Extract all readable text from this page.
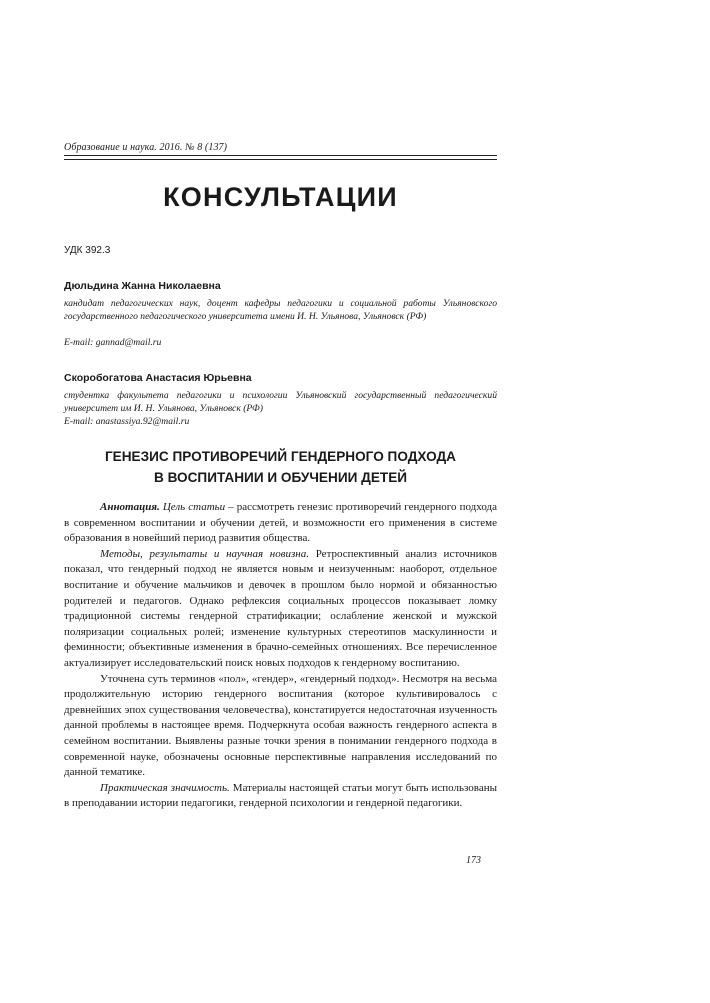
Образование и наука. 2016. № 8 (137)
КОНСУЛЬТАЦИИ
УДК 392.3
Дюльдина Жанна Николаевна
кандидат педагогических наук, доцент кафедры педагогики и социальной работы Ульяновского государственного педагогического университета имени И. Н. Ульянова, Ульяновск (РФ)
E-mail: gannad@mail.ru
Скоробогатова Анастасия Юрьевна
студентка факультета педагогики и психологии Ульяновский государственный педагогический университет им И. Н. Ульянова, Ульяновск (РФ)
E-mail: anastassiya.92@mail.ru
ГЕНЕЗИС ПРОТИВОРЕЧИЙ ГЕНДЕРНОГО ПОДХОДА
В ВОСПИТАНИИ И ОБУЧЕНИИ ДЕТЕЙ

Аннотация. Цель статьи – рассмотреть генезис противоречий гендерного подхода в современном воспитании и обучении детей, и возможности его применения в системе образования в новейший период развития общества.

Методы, результаты и научная новизна. Ретроспективный анализ источников показал, что гендерный подход не является новым и неизученным: наоборот, отдельное воспитание и обучение мальчиков и девочек в прошлом было нормой и обязанностью родителей и педагогов. Однако рефлексия социальных процессов показывает ломку традиционной системы гендерной стратификации; ослабление женской и мужской поляризации социальных ролей; изменение культурных стереотипов маскулинности и феминности; объективные изменения в брачно-семейных отношениях. Все перечисленное актуализирует исследовательский поиск новых подходов к гендерному воспитанию.

Уточнена суть терминов «пол», «гендер», «гендерный подход». Несмотря на весьма продолжительную историю гендерного воспитания (которое культивировалось с древнейших эпох существования человечества), констатируется недостаточная изученность данной проблемы в настоящее время. Подчеркнута особая важность гендерного аспекта в семейном воспитании. Выявлены разные точки зрения в понимании гендерного подхода в современной науке, обозначены основные перспективные направления исследований по данной тематике.

Практическая значимость. Материалы настоящей статьи могут быть использованы в преподавании истории педагогики, гендерной психологии и гендерной педагогики.

173
